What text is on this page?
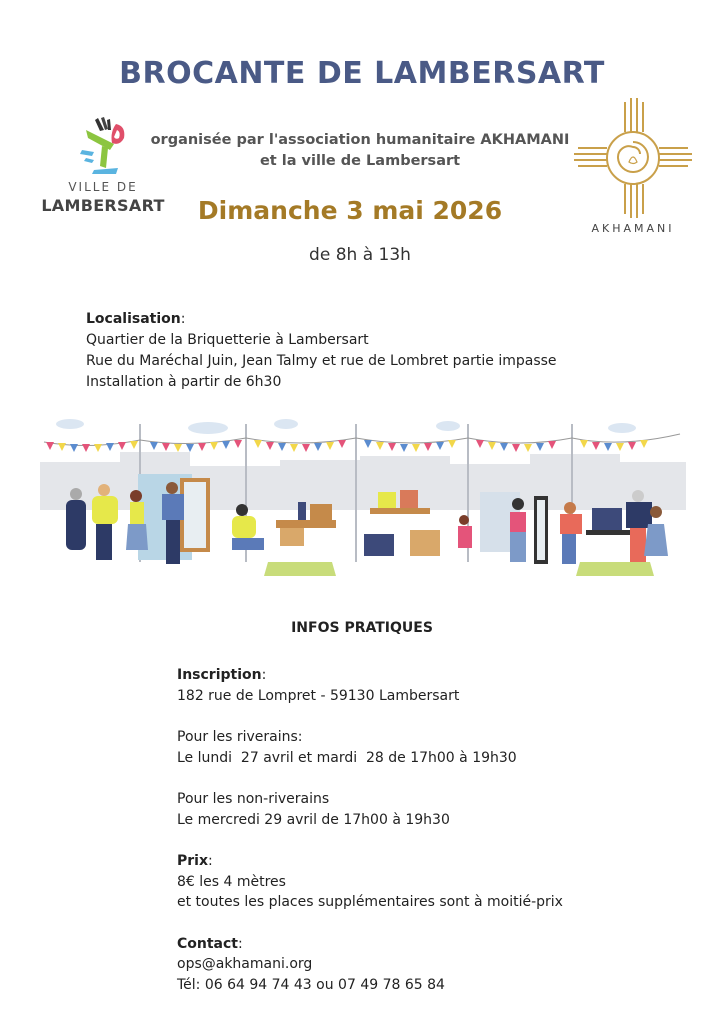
BROCANTE DE LAMBERSART
VILLE DE
LAMBERSART
AKHAMANI
organisée par l'association humanitaire AKHAMANI
et la ville de Lambersart
Dimanche 3 mai 2026
de 8h à 13h
Localisation:
Quartier de la Briquetterie à Lambersart
Rue du Maréchal Juin, Jean Talmy et rue de Lombret partie impasse
Installation à partir de 6h30
INFOS PRATIQUES
Inscription:
182 rue de Lompret - 59130 Lambersart
Pour les riverains:
Le lundi  27 avril et mardi  28 de 17h00 à 19h30
Pour les non-riverains
Le mercredi 29 avril de 17h00 à 19h30
Prix:
8€ les 4 mètres
et toutes les places supplémentaires sont à moitié-prix
Contact:
ops@akhamani.org
Tél: 06 64 94 74 43 ou 07 49 78 65 84
